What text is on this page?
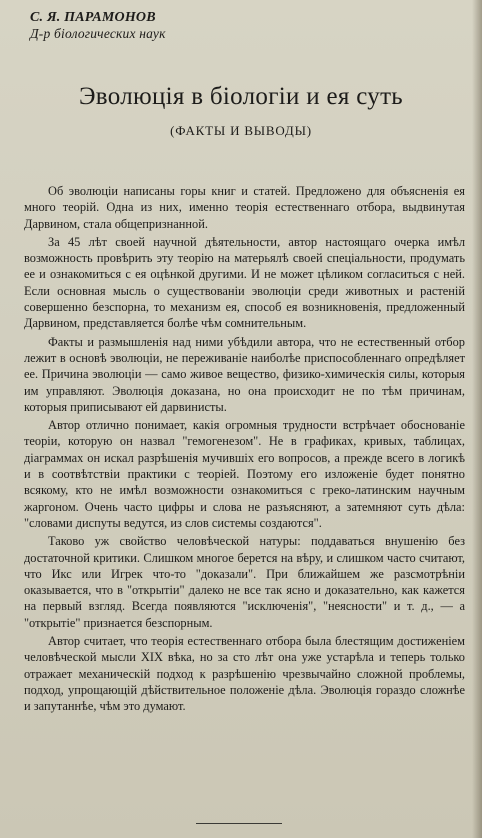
С. Я. ПАРАМОНОВ
Д-р біологических наук
Эволюція в біологіи и ея суть
(ФАКТЫ И ВЫВОДЫ)

Об эволюціи написаны горы книг и статей. Предложено для объясненія ея много теорій. Одна из них, именно теорія естественнаго отбора, выдвинутая Дарвином, стала общепризнанной.

За 45 лѣт своей научной дѣятельности, автор настоящаго очерка имѣл возможность провѣрить эту теорію на матерьялѣ своей спеціальности, продумать ее и ознакомиться с ея оцѣнкой другими. И не может цѣликом согласиться с ней. Если основная мысль о существованіи эволюціи среди животных и растеній совершенно безспорна, то механизм ея, способ ея возникновенія, предложенный Дарвином, представляется болѣе чѣм сомнительным.

Факты и размышленія над ними убѣдили автора, что не естественный отбор лежит в основѣ эволюціи, не переживаніе наиболѣе приспособленнаго опредѣляет ее. Причина эволюціи — само живое вещество, физико-химическія силы, которыя им управляют. Эволюція доказана, но она происходит не по тѣм причинам, которыя приписывают ей дарвинисты.

Автор отлично понимает, какія огромныя трудности встрѣчает обоснованіе теоріи, которую он назвал "гемогенезом". Не в графиках, кривых, таблицах, діаграммах он искал разрѣшенія мучившіх его вопросов, а прежде всего в логикѣ и в соотвѣтствіи практики с теоріей. Поэтому его изложеніе будет понятно всякому, кто не имѣл возможности ознакомиться с греко-латинским научным жаргоном. Очень часто цифры и слова не разъясняют, а затемняют суть дѣла: "словами диспуты ведутся, из слов системы создаются".

Таково уж свойство человѣческой натуры: поддаваться внушенію без достаточной критики. Слишком многое берется на вѣру, и слишком часто считают, что Икс или Игрек что-то "доказали". При ближайшем же разсмотрѣніи оказывается, что в "открытіи" далеко не все так ясно и доказательно, как кажется на первый взгляд. Всегда появляются "исключенія", "неясности" и т. д., — а "открытіе" признается безспорным.

Автор считает, что теорія естественнаго отбора была блестящим достиженіем человѣческой мысли XIX вѣка, но за сто лѣт она уже устарѣла и теперь только отражает механическій подход к разрѣшенію чрезвычайно сложной проблемы, подход, упрощающій дѣйствительное положеніе дѣла. Эволюція гораздо сложнѣе и запутаннѣе, чѣм это думают.
